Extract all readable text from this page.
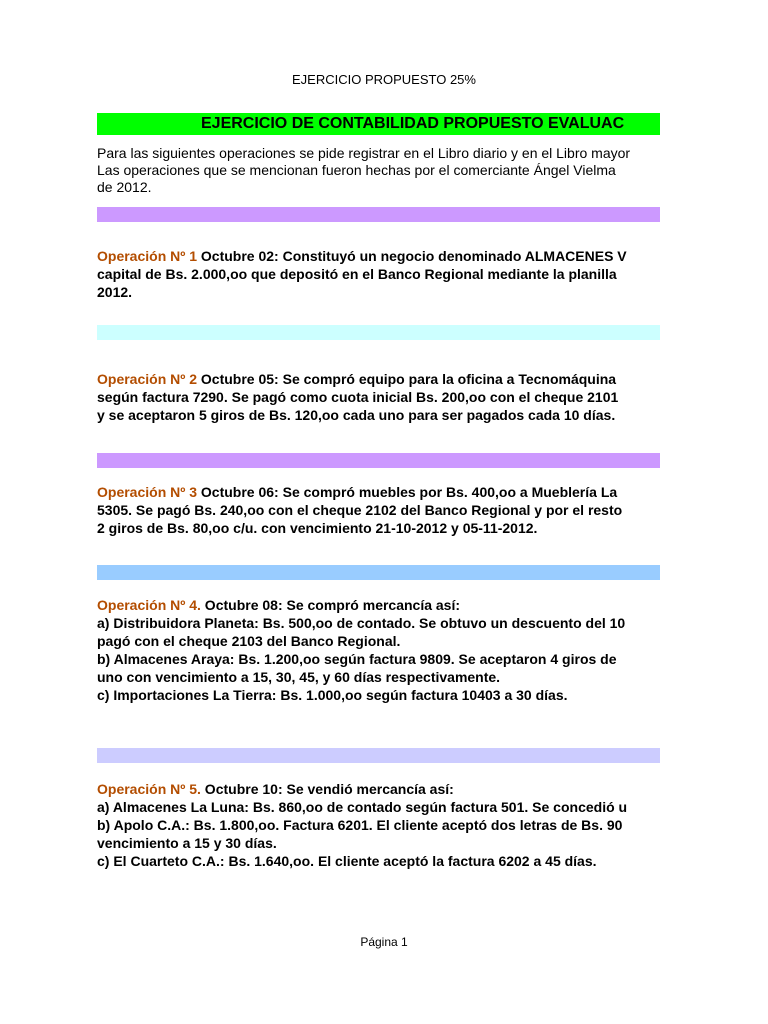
EJERCICIO PROPUESTO 25%
EJERCICIO DE CONTABILIDAD PROPUESTO EVALUAC
Para las siguientes operaciones se pide registrar en el Libro diario y en el Libro mayor
Las operaciones que se mencionan fueron hechas por el comerciante Ángel Vielma
de 2012.
Operación Nº 1 Octubre 02: Constituyó un negocio denominado ALMACENES V
capital de Bs. 2.000,oo que depositó en el Banco Regional mediante la planilla
2012.
Operación Nº 2 Octubre 05: Se compró equipo para la oficina a Tecnomáquina
según factura 7290. Se pagó como cuota inicial Bs. 200,oo con el cheque 2101
y se aceptaron 5 giros de Bs. 120,oo cada uno para ser pagados cada 10 días.
Operación Nº 3 Octubre 06: Se compró muebles por Bs. 400,oo a Mueblería La
5305. Se pagó Bs. 240,oo con el cheque 2102 del Banco Regional y por el resto
2 giros de Bs. 80,oo c/u. con vencimiento 21-10-2012 y 05-11-2012.
Operación Nº 4. Octubre 08: Se compró mercancía así:
a) Distribuidora Planeta: Bs. 500,oo de contado. Se obtuvo un descuento del 10
pagó con el cheque 2103 del Banco Regional.
b) Almacenes Araya: Bs. 1.200,oo según factura 9809. Se aceptaron 4 giros de
uno con vencimiento a 15, 30, 45, y 60 días respectivamente.
c) Importaciones La Tierra: Bs. 1.000,oo según factura 10403 a 30 días.
Operación Nº 5. Octubre 10: Se vendió mercancía así:
a) Almacenes La Luna: Bs. 860,oo de contado según factura 501. Se concedió u
b) Apolo C.A.: Bs. 1.800,oo. Factura 6201. El cliente aceptó dos letras de Bs. 90
vencimiento a 15 y 30 días.
c) El Cuarteto C.A.: Bs. 1.640,oo. El cliente aceptó la factura 6202 a 45 días.
Página 1
